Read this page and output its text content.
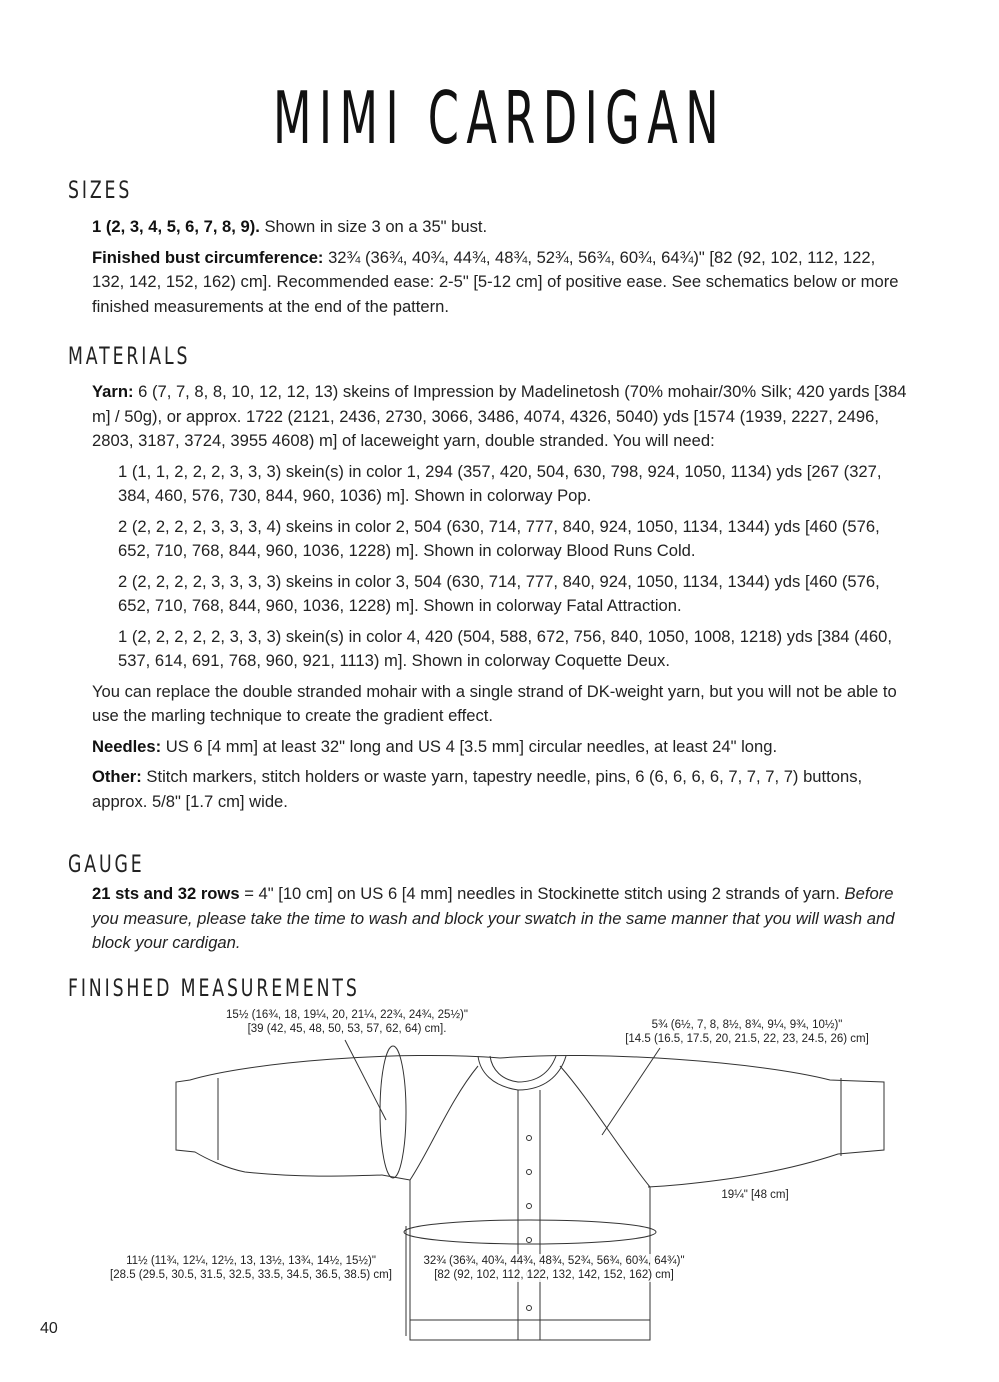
MIMI CARDIGAN
SIZES

1 (2, 3, 4, 5, 6, 7, 8, 9). Shown in size 3 on a 35" bust.

Finished bust circumference: 32¾ (36¾, 40¾, 44¾, 48¾, 52¾, 56¾, 60¾, 64¾)" [82 (92, 102, 112, 122, 132, 142, 152, 162) cm]. Recommended ease: 2-5" [5-12 cm] of positive ease. See schematics below or more finished measurements at the end of the pattern.

MATERIALS

Yarn: 6 (7, 7, 8, 8, 10, 12, 12, 13) skeins of Impression by Madelinetosh (70% mohair/30% Silk; 420 yards [384 m] / 50g), or approx. 1722 (2121, 2436, 2730, 3066, 3486, 4074, 4326, 5040) yds [1574 (1939, 2227, 2496, 2803, 3187, 3724, 3955 4608) m] of laceweight yarn, double stranded. You will need:

1 (1, 1, 2, 2, 2, 3, 3, 3) skein(s) in color 1, 294 (357, 420, 504, 630, 798, 924, 1050, 1134) yds [267 (327, 384, 460, 576, 730, 844, 960, 1036) m]. Shown in colorway Pop.

2 (2, 2, 2, 2, 3, 3, 3, 4) skeins in color 2, 504 (630, 714, 777, 840, 924, 1050, 1134, 1344) yds [460 (576, 652, 710, 768, 844, 960, 1036, 1228) m]. Shown in colorway Blood Runs Cold.

2 (2, 2, 2, 2, 3, 3, 3, 3) skeins in color 3, 504 (630, 714, 777, 840, 924, 1050, 1134, 1344) yds [460 (576, 652, 710, 768, 844, 960, 1036, 1228) m]. Shown in colorway Fatal Attraction.

1 (2, 2, 2, 2, 2, 3, 3, 3) skein(s) in color 4, 420 (504, 588, 672, 756, 840, 1050, 1008, 1218) yds [384 (460, 537, 614, 691, 768, 960, 921, 1113) m]. Shown in colorway Coquette Deux.

You can replace the double stranded mohair with a single strand of DK-weight yarn, but you will not be able to use the marling technique to create the gradient effect.

Needles: US 6 [4 mm] at least 32" long and US 4 [3.5 mm] circular needles, at least 24" long.

Other: Stitch markers, stitch holders or waste yarn, tapestry needle, pins, 6 (6, 6, 6, 6, 7, 7, 7, 7) buttons, approx. 5/8" [1.7 cm] wide.

GAUGE

21 sts and 32 rows = 4" [10 cm] on US 6 [4 mm] needles in Stockinette stitch using 2 strands of yarn. Before you measure, please take the time to wash and block your swatch in the same manner that you will wash and block your cardigan.

FINISHED MEASUREMENTS
15½ (16¾, 18, 19¼, 20, 21¼, 22¾, 24¾, 25½)"
[39 (42, 45, 48, 50, 53, 57, 62, 64) cm].	5¾ (6½, 7, 8, 8½, 8¾, 9¼, 9¾, 10½)"
[14.5 (16.5, 17.5, 20, 21.5, 22, 23, 24.5, 26) cm]
19¼" [48 cm]
11½ (11¾, 12¼, 12½, 13, 13½, 13¾, 14½, 15½)"
[28.5 (29.5, 30.5, 31.5, 32.5, 33.5, 34.5, 36.5, 38.5) cm]
32¾ (36¾, 40¾, 44¾, 48¾, 52¾, 56¾, 60¾, 64¾)"
[82 (92, 102, 112, 122, 132, 142, 152, 162) cm]
40
